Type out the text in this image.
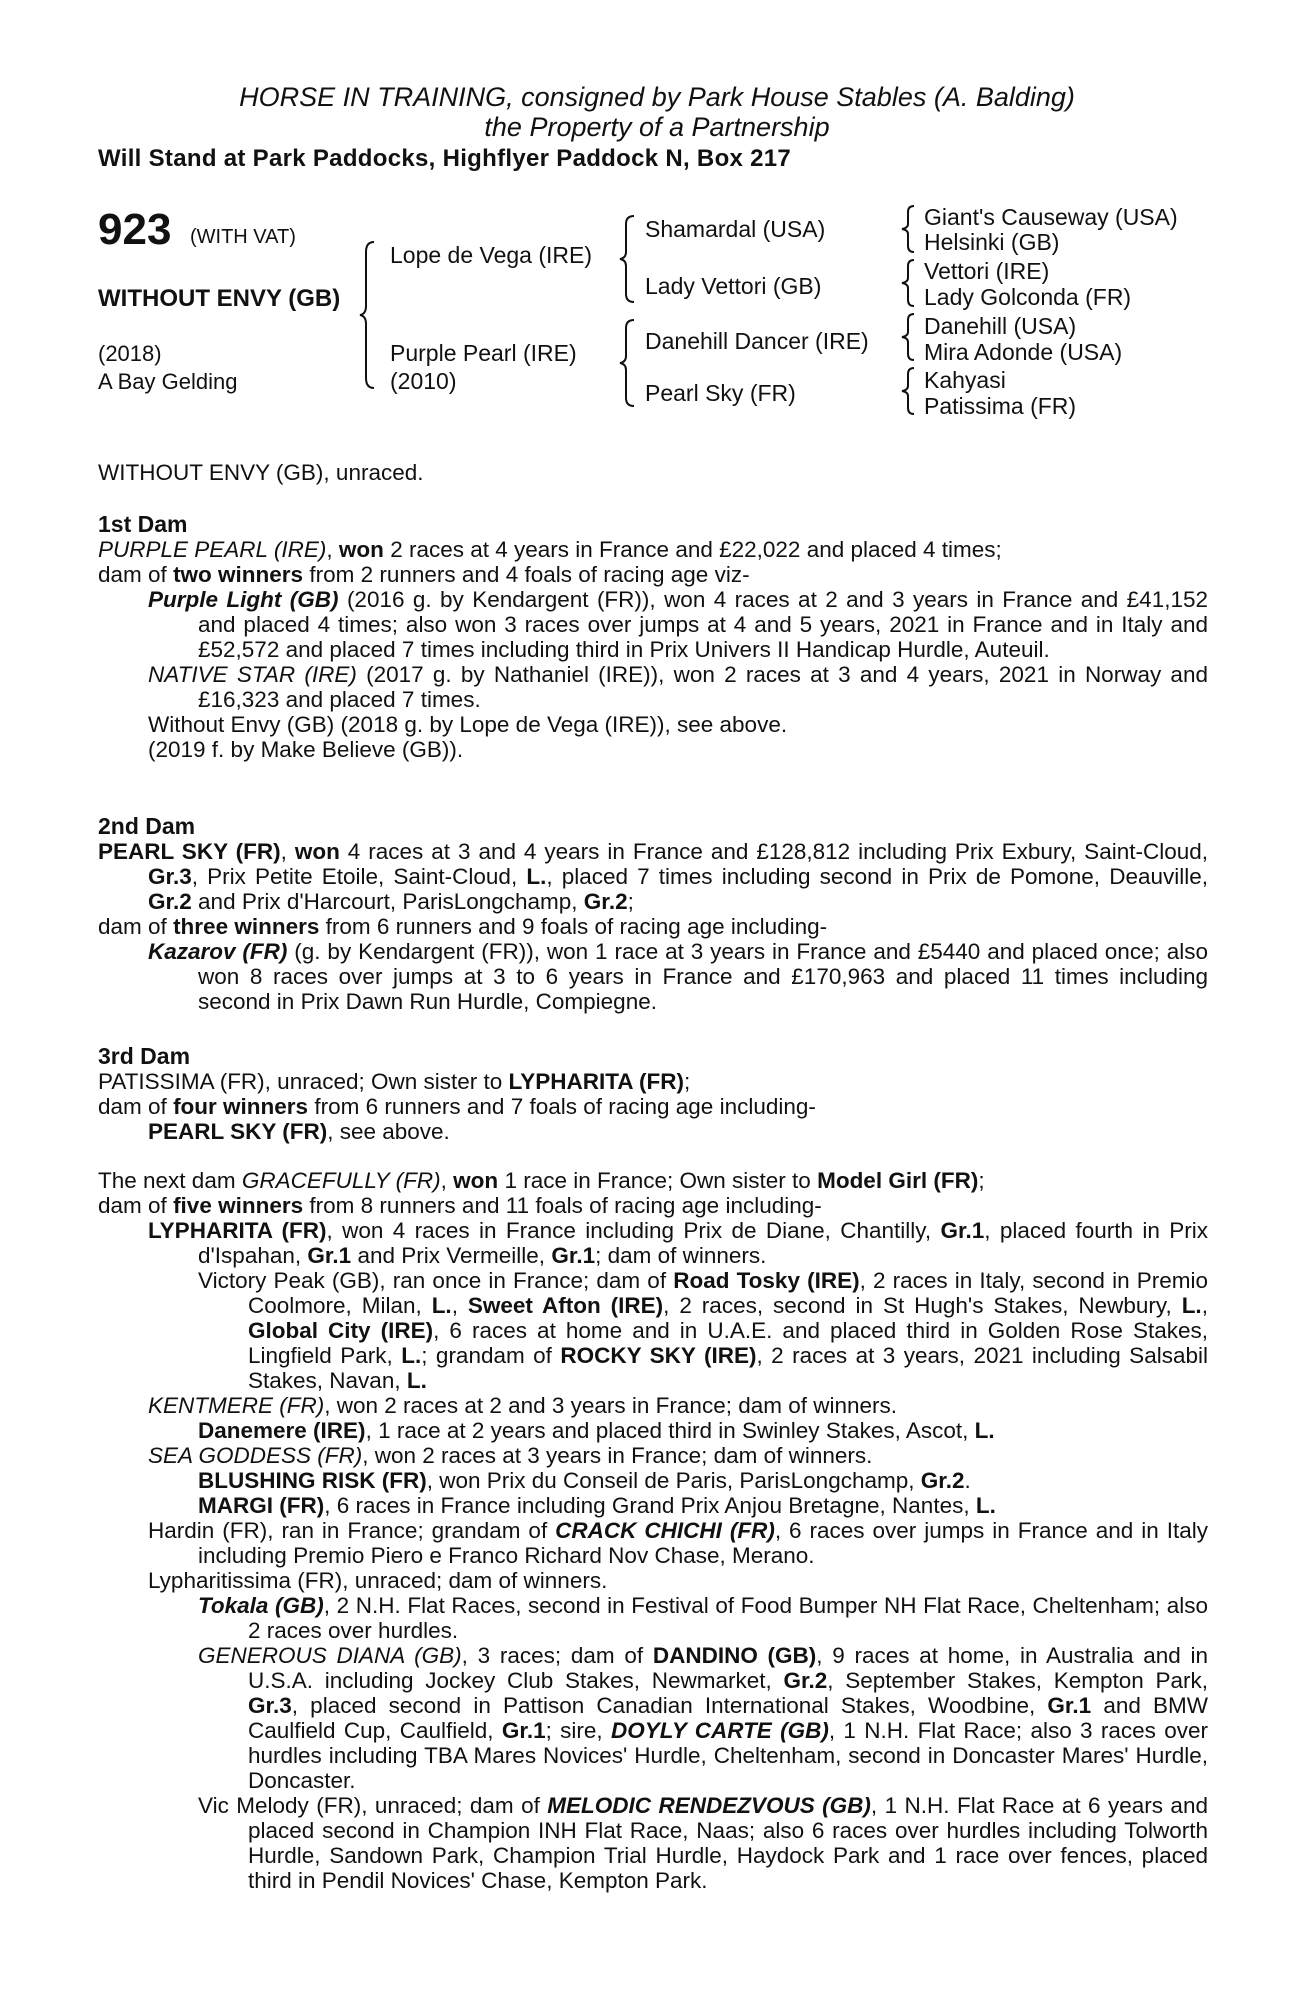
HORSE IN TRAINING, consigned by Park House Stables (A. Balding)
the Property of a Partnership
Will Stand at Park Paddocks, Highflyer Paddock N, Box 217
923 (WITH VAT)
WITHOUT ENVY (GB)
(2018)
A Bay Gelding
Lope de Vega (IRE)
Purple Pearl (IRE)
(2010)
Shamardal (USA)
Lady Vettori (GB)
Danehill Dancer (IRE)
Pearl Sky (FR)
Giant's Causeway (USA)
Helsinki (GB)
Vettori (IRE)
Lady Golconda (FR)
Danehill (USA)
Mira Adonde (USA)
Kahyasi
Patissima (FR)
WITHOUT ENVY (GB), unraced.
1st Dam
PURPLE PEARL (IRE), won 2 races at 4 years in France and £22,022 and placed 4 times;
dam of two winners from 2 runners and 4 foals of racing age viz-
Purple Light (GB) (2016 g. by Kendargent (FR)), won 4 races at 2 and 3 years in France and £41,152 and placed 4 times; also won 3 races over jumps at 4 and 5 years, 2021 in France and in Italy and £52,572 and placed 7 times including third in Prix Univers II Handicap Hurdle, Auteuil.
NATIVE STAR (IRE) (2017 g. by Nathaniel (IRE)), won 2 races at 3 and 4 years, 2021 in Norway and £16,323 and placed 7 times.
Without Envy (GB) (2018 g. by Lope de Vega (IRE)), see above.
(2019 f. by Make Believe (GB)).
2nd Dam
PEARL SKY (FR), won 4 races at 3 and 4 years in France and £128,812 including Prix Exbury, Saint-Cloud, Gr.3, Prix Petite Etoile, Saint-Cloud, L., placed 7 times including second in Prix de Pomone, Deauville, Gr.2 and Prix d'Harcourt, ParisLongchamp, Gr.2;
dam of three winners from 6 runners and 9 foals of racing age including-
Kazarov (FR) (g. by Kendargent (FR)), won 1 race at 3 years in France and £5440 and placed once; also won 8 races over jumps at 3 to 6 years in France and £170,963 and placed 11 times including second in Prix Dawn Run Hurdle, Compiegne.
3rd Dam
PATISSIMA (FR), unraced; Own sister to LYPHARITA (FR);
dam of four winners from 6 runners and 7 foals of racing age including-
PEARL SKY (FR), see above.
The next dam GRACEFULLY (FR), won 1 race in France; Own sister to Model Girl (FR);
dam of five winners from 8 runners and 11 foals of racing age including-
LYPHARITA (FR), won 4 races in France including Prix de Diane, Chantilly, Gr.1, placed fourth in Prix d'Ispahan, Gr.1 and Prix Vermeille, Gr.1; dam of winners.
Victory Peak (GB), ran once in France; dam of Road Tosky (IRE), 2 races in Italy, second in Premio Coolmore, Milan, L., Sweet Afton (IRE), 2 races, second in St Hugh's Stakes, Newbury, L., Global City (IRE), 6 races at home and in U.A.E. and placed third in Golden Rose Stakes, Lingfield Park, L.; grandam of ROCKY SKY (IRE), 2 races at 3 years, 2021 including Salsabil Stakes, Navan, L.
KENTMERE (FR), won 2 races at 2 and 3 years in France; dam of winners.
Danemere (IRE), 1 race at 2 years and placed third in Swinley Stakes, Ascot, L.
SEA GODDESS (FR), won 2 races at 3 years in France; dam of winners.
BLUSHING RISK (FR), won Prix du Conseil de Paris, ParisLongchamp, Gr.2.
MARGI (FR), 6 races in France including Grand Prix Anjou Bretagne, Nantes, L.
Hardin (FR), ran in France; grandam of CRACK CHICHI (FR), 6 races over jumps in France and in Italy including Premio Piero e Franco Richard Nov Chase, Merano.
Lypharitissima (FR), unraced; dam of winners.
Tokala (GB), 2 N.H. Flat Races, second in Festival of Food Bumper NH Flat Race, Cheltenham; also 2 races over hurdles.
GENEROUS DIANA (GB), 3 races; dam of DANDINO (GB), 9 races at home, in Australia and in U.S.A. including Jockey Club Stakes, Newmarket, Gr.2, September Stakes, Kempton Park, Gr.3, placed second in Pattison Canadian International Stakes, Woodbine, Gr.1 and BMW Caulfield Cup, Caulfield, Gr.1; sire, DOYLY CARTE (GB), 1 N.H. Flat Race; also 3 races over hurdles including TBA Mares Novices' Hurdle, Cheltenham, second in Doncaster Mares' Hurdle, Doncaster.
Vic Melody (FR), unraced; dam of MELODIC RENDEZVOUS (GB), 1 N.H. Flat Race at 6 years and placed second in Champion INH Flat Race, Naas; also 6 races over hurdles including Tolworth Hurdle, Sandown Park, Champion Trial Hurdle, Haydock Park and 1 race over fences, placed third in Pendil Novices' Chase, Kempton Park.
